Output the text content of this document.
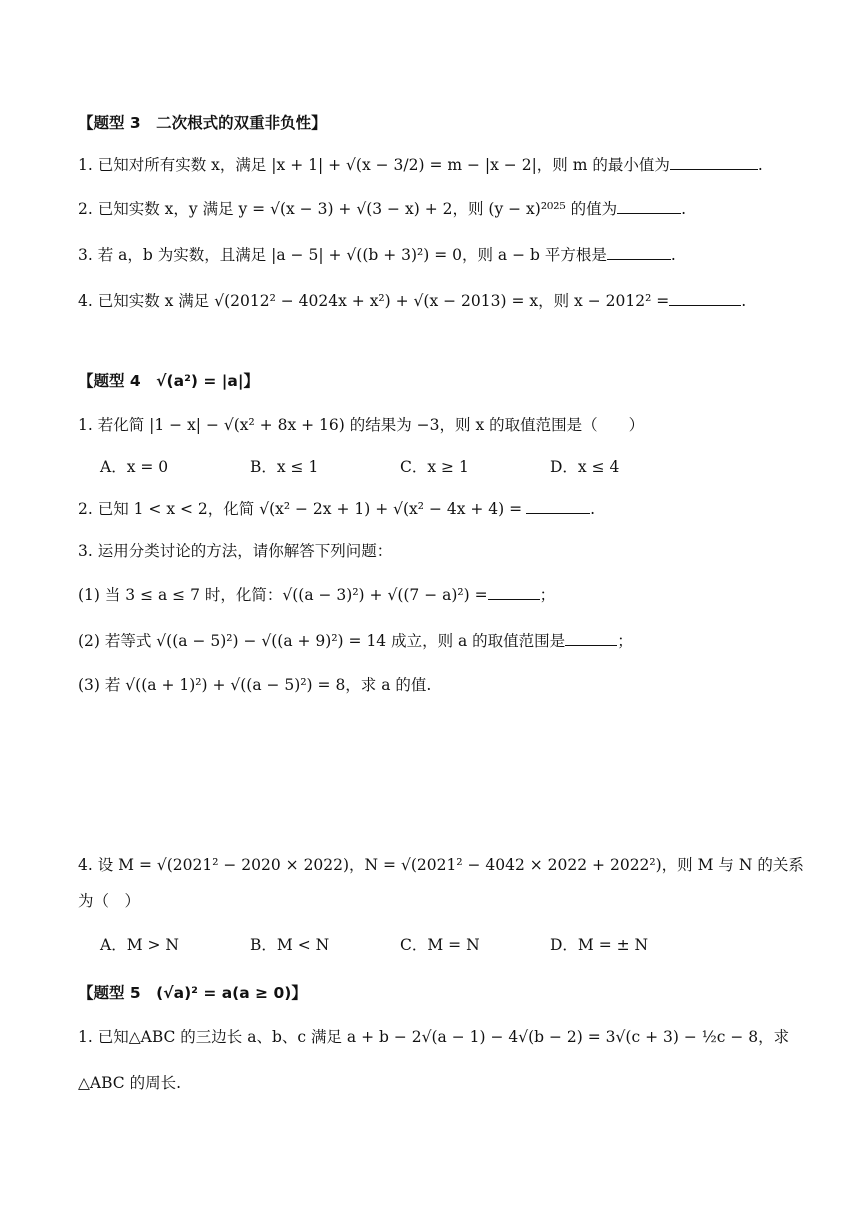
【题型 3　二次根式的双重非负性】
1. 已知对所有实数 x，满足 |x + 1| + √(x − 3/2) = m − |x − 2|，则 m 的最小值为	.
2. 已知实数 x，y 满足 y = √(x − 3) + √(3 − x) + 2，则 (y − x)²⁰²⁵ 的值为	.
3. 若 a，b 为实数，且满足 |a − 5| + √((b + 3)²) = 0，则 a − b 平方根是	.
4. 已知实数 x 满足 √(2012² − 4024x + x²) + √(x − 2013) = x，则 x − 2012² =	.
【题型 4　√(a²) = |a|】
1. 若化简 |1 − x| − √(x² + 8x + 16) 的结果为 −3，则 x 的取值范围是（　　）
A．x = 0	B．x ≤ 1	C．x ≥ 1	D．x ≤ 4
2. 已知 1 < x < 2，化简 √(x² − 2x + 1) + √(x² − 4x + 4) =	.
3. 运用分类讨论的方法，请你解答下列问题：
(1) 当 3 ≤ a ≤ 7 时，化简：√((a − 3)²) + √((7 − a)²) =	；
(2) 若等式 √((a − 5)²) − √((a + 9)²) = 14 成立，则 a 的取值范围是	；
(3) 若 √((a + 1)²) + √((a − 5)²) = 8，求 a 的值.
4. 设 M = √(2021² − 2020 × 2022)，N = √(2021² − 4042 × 2022 + 2022²)，则 M 与 N 的关系
为（　）
A．M > N	B．M < N	C．M = N	D．M = ± N
【题型 5　(√a)² = a(a ≥ 0)】
1. 已知△ABC 的三边长 a、b、c 满足 a + b − 2√(a − 1) − 4√(b − 2) = 3√(c + 3) − ½c − 8，求
△ABC 的周长.
